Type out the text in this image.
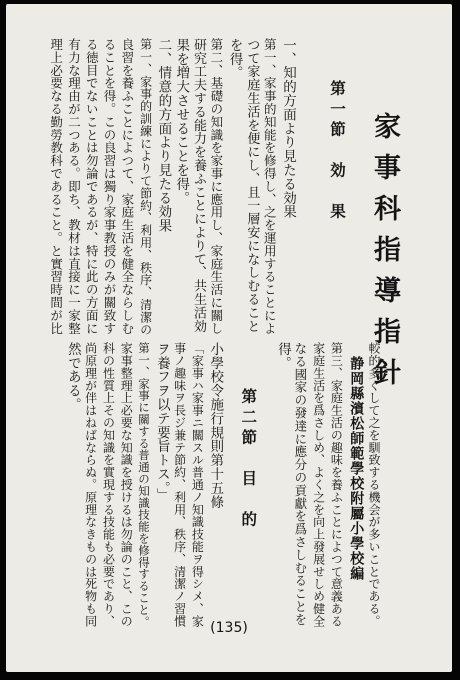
家事科指導指針
第一節　効　果
一、知的方面より見たる効果
第一、家事的知能を修得し、之を運用することによ
つて家庭生活を便にし、且一層安になしむること
を得。
第二、基礎の知識を家事に應用し、家庭生活に關し
研究工夫する能力を養ふことによりて、共生活効
果を増大させることを得。
二、情意的方面より見たる効果
第一、家事的訓練によりて節約、利用、秩序、清潔の
良習を養ふことによつて、家庭生活を健全ならしむ
ることを得。この良習は獨り家事教授のみが關致す
る徳目でないことは勿論であるが、特に此の方面に
有力な理由が二つある。即ち、教材は直接に一家整
理上必要なる勤勞教科であること。と實習時間が比
較的多くして之を馴致する機会が多いことである。
静岡縣濱松師範學校附屬小學校編
第三、家庭生活の趣味を養ふことによつて意義ある
家庭生活を爲さしめ、よく之を向上發展せしめ健全
なる國家の發達に應分の貢獻を爲さしむることを
得。
第二節　目　的
小學校令施行規則第十五條
「家事ハ家事ニ關スル普通ノ知識技能ヲ得シメ、家
事ノ趣味ヲ長ジ兼テ節約、利用、秩序、清潔ノ習慣
ヲ養フヲ以テ要旨トス。」
第一、家事に關する普通の知識技能を修得すること。
家事整理上必要な知識を授けるは勿論のこと、この
科の性質上その知識を實現する技能も必要であり、
尚原理が伴はねばならぬ。原理なきものは死物も同
然である。
(135)
